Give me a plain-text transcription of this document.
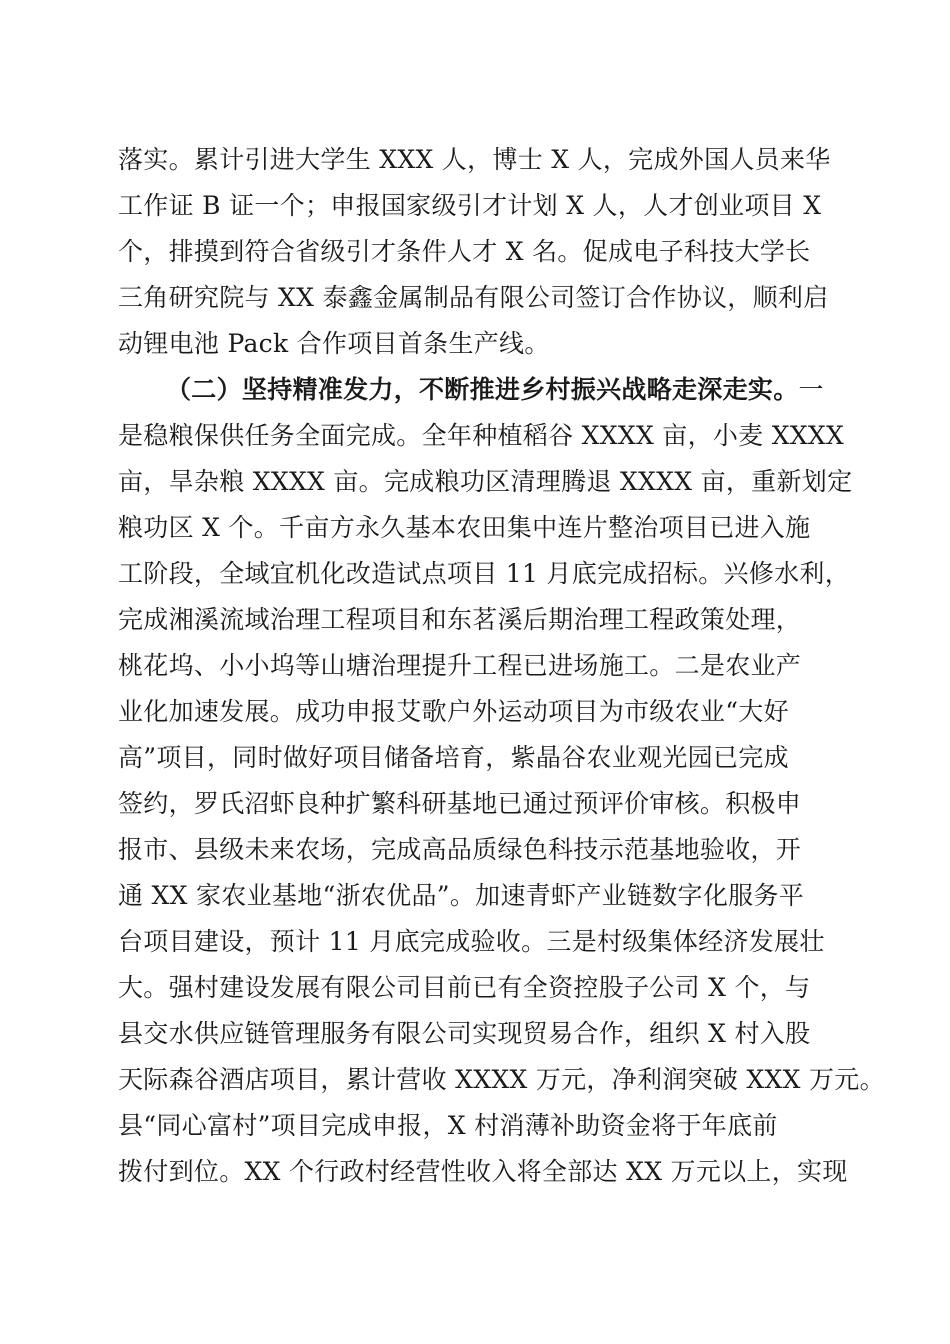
落实。累计引进大学生 XXX 人，博士 X 人，完成外国人员来华
工作证 B 证一个；申报国家级引才计划 X 人，人才创业项目 X
个，排摸到符合省级引才条件人才 X 名。促成电子科技大学长
三角研究院与 XX 泰鑫金属制品有限公司签订合作协议，顺利启
动锂电池 Pack 合作项目首条生产线。
（二）坚持精准发力，不断推进乡村振兴战略走深走实。一
是稳粮保供任务全面完成。全年种植稻谷 XXXX 亩，小麦 XXXX
亩，旱杂粮 XXXX 亩。完成粮功区清理腾退 XXXX 亩，重新划定
粮功区 X 个。千亩方永久基本农田集中连片整治项目已进入施
工阶段，全域宜机化改造试点项目 11 月底完成招标。兴修水利，
完成湘溪流域治理工程项目和东茗溪后期治理工程政策处理，
桃花坞、小小坞等山塘治理提升工程已进场施工。二是农业产
业化加速发展。成功申报艾歌户外运动项目为市级农业“大好
高”项目，同时做好项目储备培育，紫晶谷农业观光园已完成
签约，罗氏沼虾良种扩繁科研基地已通过预评价审核。积极申
报市、县级未来农场，完成高品质绿色科技示范基地验收，开
通 XX 家农业基地“浙农优品”。加速青虾产业链数字化服务平
台项目建设，预计 11 月底完成验收。三是村级集体经济发展壮
大。强村建设发展有限公司目前已有全资控股子公司 X 个，与
县交水供应链管理服务有限公司实现贸易合作，组织 X 村入股
天际森谷酒店项目，累计营收 XXXX 万元，净利润突破 XXX 万元。
县“同心富村”项目完成申报，X 村消薄补助资金将于年底前
拨付到位。XX 个行政村经营性收入将全部达 XX 万元以上，实现
